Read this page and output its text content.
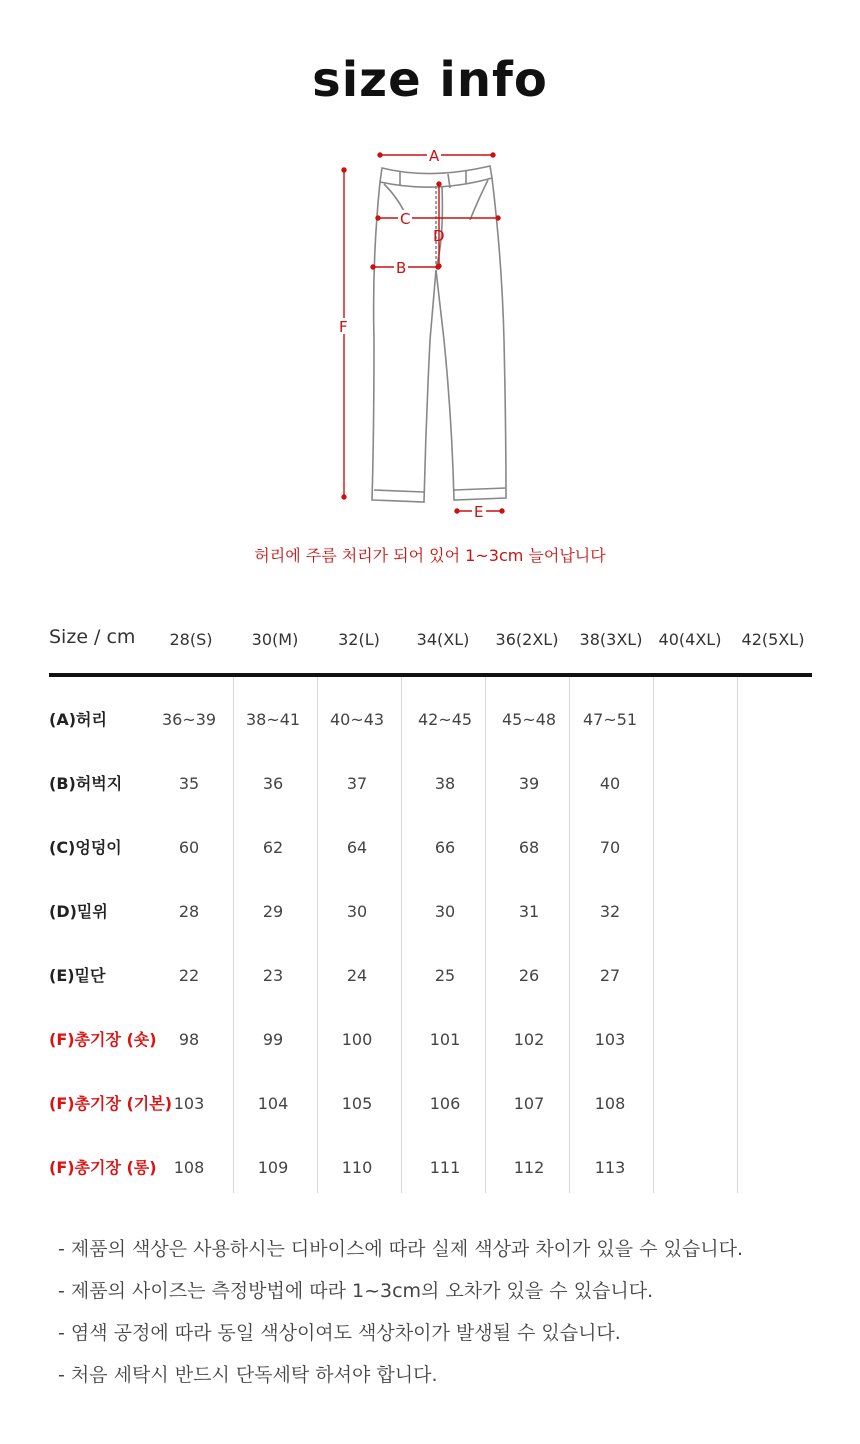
size info
A
C
D
B
F
E
허리에 주름 처리가 되어 있어 1~3cm 늘어납니다
Size / cm	28(S)	30(M)	32(L)	34(XL)	36(2XL)	38(3XL)	40(4XL)	42(5XL)
(A)허리	36~39	38~41	40~43	42~45	45~48	47~51
(B)허벅지	35	36	37	38	39	40
(C)엉덩이	60	62	64	66	68	70
(D)밑위	28	29	30	30	31	32
(E)밑단	22	23	24	25	26	27
(F)총기장 (숏)	98	99	100	101	102	103
(F)총기장 (기본) 103	104	105	106	107	108
(F)총기장 (롱)	108	109	110	111	112	113
- 제품의 색상은 사용하시는 디바이스에 따라 실제 색상과 차이가 있을 수 있습니다.
- 제품의 사이즈는 측정방법에 따라 1~3cm의 오차가 있을 수 있습니다.
- 염색 공정에 따라 동일 색상이여도 색상차이가 발생될 수 있습니다.
- 처음 세탁시 반드시 단독세탁 하셔야 합니다.
